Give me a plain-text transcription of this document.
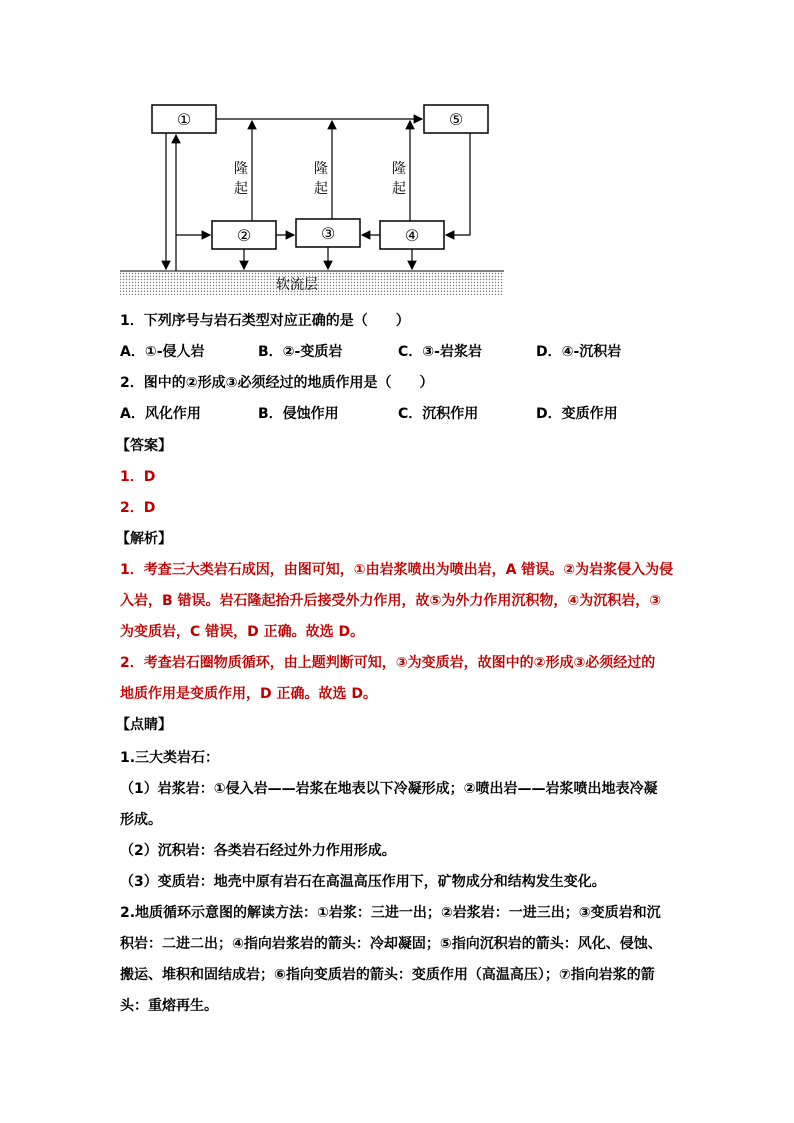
软流层
①	⑤
②	③	④
隆起
隆起
隆起
1．下列序号与岩石类型对应正确的是（　　）
A．①-侵人岩	B．②-变质岩	C．③-岩浆岩	D．④-沉积岩
2．图中的②形成③必须经过的地质作用是（　　）
A．风化作用	B．侵蚀作用	C．沉积作用	D．变质作用
【答案】
1．D
2．D
【解析】
1．考查三大类岩石成因，由图可知，①由岩浆喷出为喷出岩，A 错误。②为岩浆侵入为侵
入岩，B 错误。岩石隆起抬升后接受外力作用，故⑤为外力作用沉积物，④为沉积岩，③
为变质岩，C 错误，D 正确。故选 D。
2．考查岩石圈物质循环，由上题判断可知，③为变质岩，故图中的②形成③必须经过的
地质作用是变质作用，D 正确。故选 D。
【点睛】
1.三大类岩石：
（1）岩浆岩：①侵入岩——岩浆在地表以下冷凝形成；②喷出岩——岩浆喷出地表冷凝
形成。
（2）沉积岩：各类岩石经过外力作用形成。
（3）变质岩：地壳中原有岩石在高温高压作用下，矿物成分和结构发生变化。
2.地质循环示意图的解读方法：①岩浆：三进一出；②岩浆岩：一进三出；③变质岩和沉
积岩：二进二出；④指向岩浆岩的箭头：冷却凝固；⑤指向沉积岩的箭头：风化、侵蚀、
搬运、堆积和固结成岩；⑥指向变质岩的箭头：变质作用（高温高压）；⑦指向岩浆的箭
头：重熔再生。
